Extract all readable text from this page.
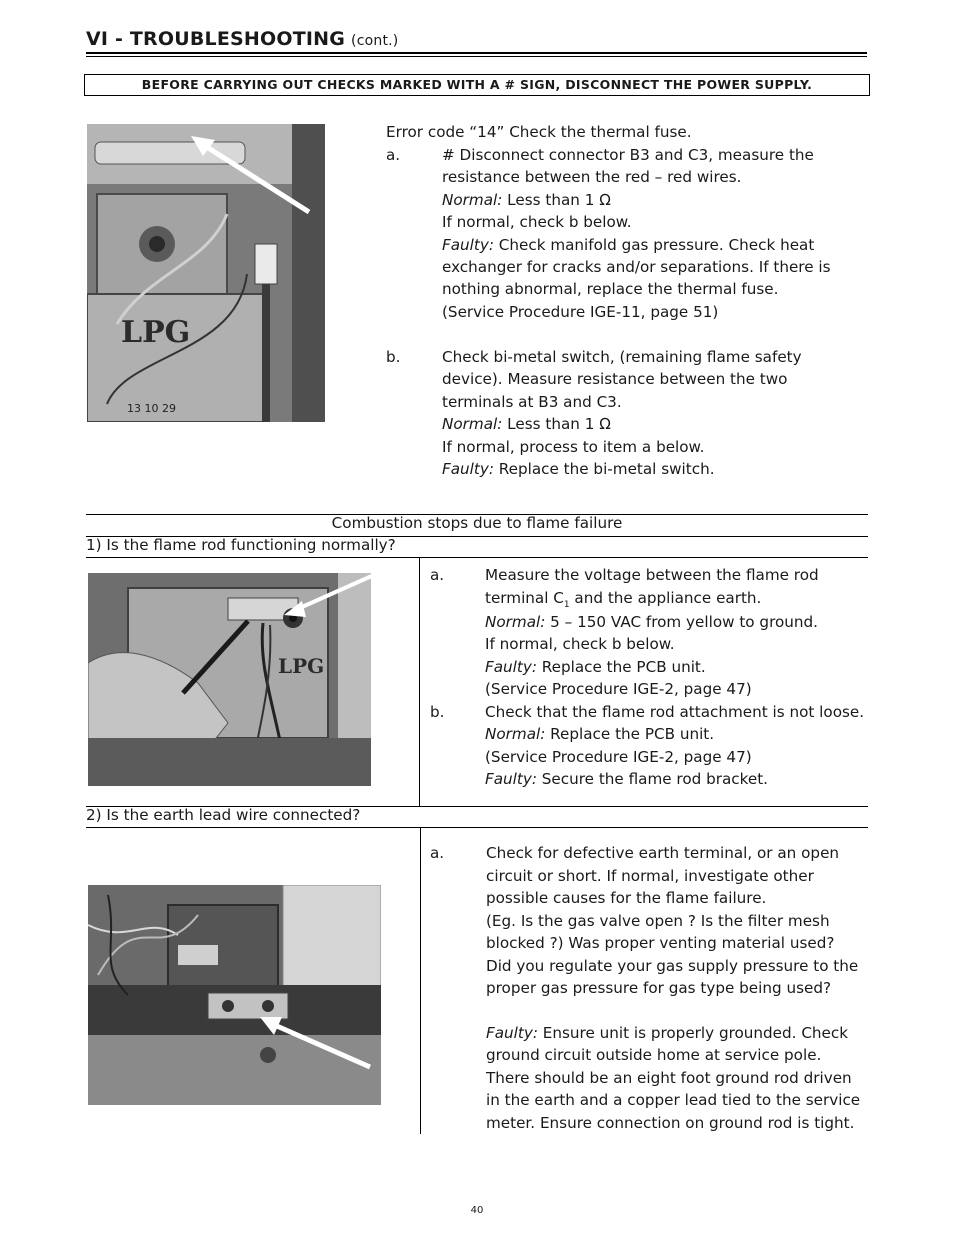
VI - TROUBLESHOOTING (cont.)
BEFORE CARRYING OUT CHECKS MARKED WITH A # SIGN, DISCONNECT THE POWER SUPPLY.
LPG
13 10 29
Error code “14” Check the thermal fuse.
a.	# Disconnect connector B3 and C3, measure the
resistance between the red – red wires.
Normal: Less than 1 Ω
If normal, check b below.
Faulty: Check manifold gas pressure. Check heat
exchanger for cracks and/or separations. If there is
nothing abnormal, replace the thermal fuse.
(Service Procedure IGE-11, page 51)
b.	Check bi-metal switch, (remaining flame safety
device). Measure resistance between the two
terminals at B3 and C3.
Normal: Less than 1 Ω
If normal, process to item a below.
Faulty: Replace the bi-metal switch.
Combustion stops due to flame failure
1) Is the flame rod functioning normally?
LPG
a.	Measure the voltage between the flame rod
terminal $C_1$ and the appliance earth.
Normal: 5 – 150 VAC from yellow to ground.
If normal, check b below.
Faulty: Replace the PCB unit.
(Service Procedure IGE-2, page 47)
b.	Check that the flame rod attachment is not loose.
Normal: Replace the PCB unit.
(Service Procedure IGE-2, page 47)
Faulty: Secure the flame rod bracket.
2) Is the earth lead wire connected?
a.	Check for defective earth terminal, or an open
circuit or short. If normal, investigate other
possible causes for the flame failure.
(Eg. Is the gas valve open ? Is the filter mesh
blocked ?) Was proper venting material used?
Did you regulate your gas supply pressure to the
proper gas pressure for gas type being used?
Faulty: Ensure unit is properly grounded. Check
ground circuit outside home at service pole.
There should be an eight foot ground rod driven
in the earth and a copper lead tied to the service
meter. Ensure connection on ground rod is tight.
40
